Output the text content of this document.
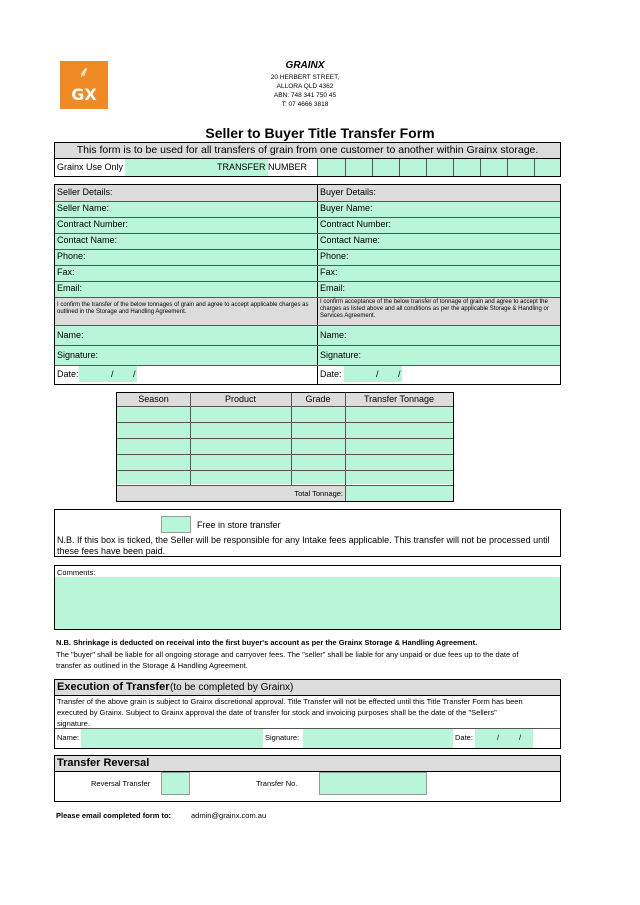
⸙
GX
GRAINX
20 HERBERT STREET,
ALLORA QLD 4362
ABN: 748 341 750 45
T: 07 4666 3818
Seller to Buyer Title Transfer Form
This form is to be used for all transfers of grain from one customer to another within Grainx storage.
Grainx Use Only	TRANSFER NUMBER
Seller Details:
Seller Name:
Contract Number:
Contact Name:
Phone:
Fax:
Email:
I confirm the transfer of the below tonnages of grain and agree to accept applicable charges as outlined in the Storage and Handling Agreement.
Name:
Signature:
Date:	/ /
Buyer Details:
Buyer Name:
Contract Number:
Contact Name:
Phone:
Fax:
Email:
I confirm acceptance of the below transfer of tonnage of grain and agree to accept the charges as listed above and all conditions as per the applicable Storage & Handling or Services Agreement.
Name:
Signature:
Date:	/ /
Season	Product	Grade	Transfer Tonnage
Total Tonnage:
Free in store transfer
N.B. If this box is ticked, the Seller will be responsible for any Intake fees applicable. This transfer will not be processed until these fees have been paid.
Comments:
N.B. Shrinkage is deducted on receival into the first buyer's account as per the Grainx Storage & Handling Agreement.
The "buyer" shall be liable for all ongoing storage and carryover fees. The "seller" shall be liable for any unpaid or due fees up to the date of transfer as outlined in the Storage & Handling Agreement.
Execution of Transfer (to be completed by Grainx)
Transfer of the above grain is subject to Grainx discretional approval. Title Transfer will not be effected until this Title Transfer Form has been executed by Grainx. Subject to Grainx approval the date of transfer for stock and invoicing purposes shall be the date of the "Sellers" signature.
Name:	Signature:	Date:	/	/
Transfer Reversal
Reversal Transfer	Transfer No.
Please email completed form to:	admin@grainx.com.au
